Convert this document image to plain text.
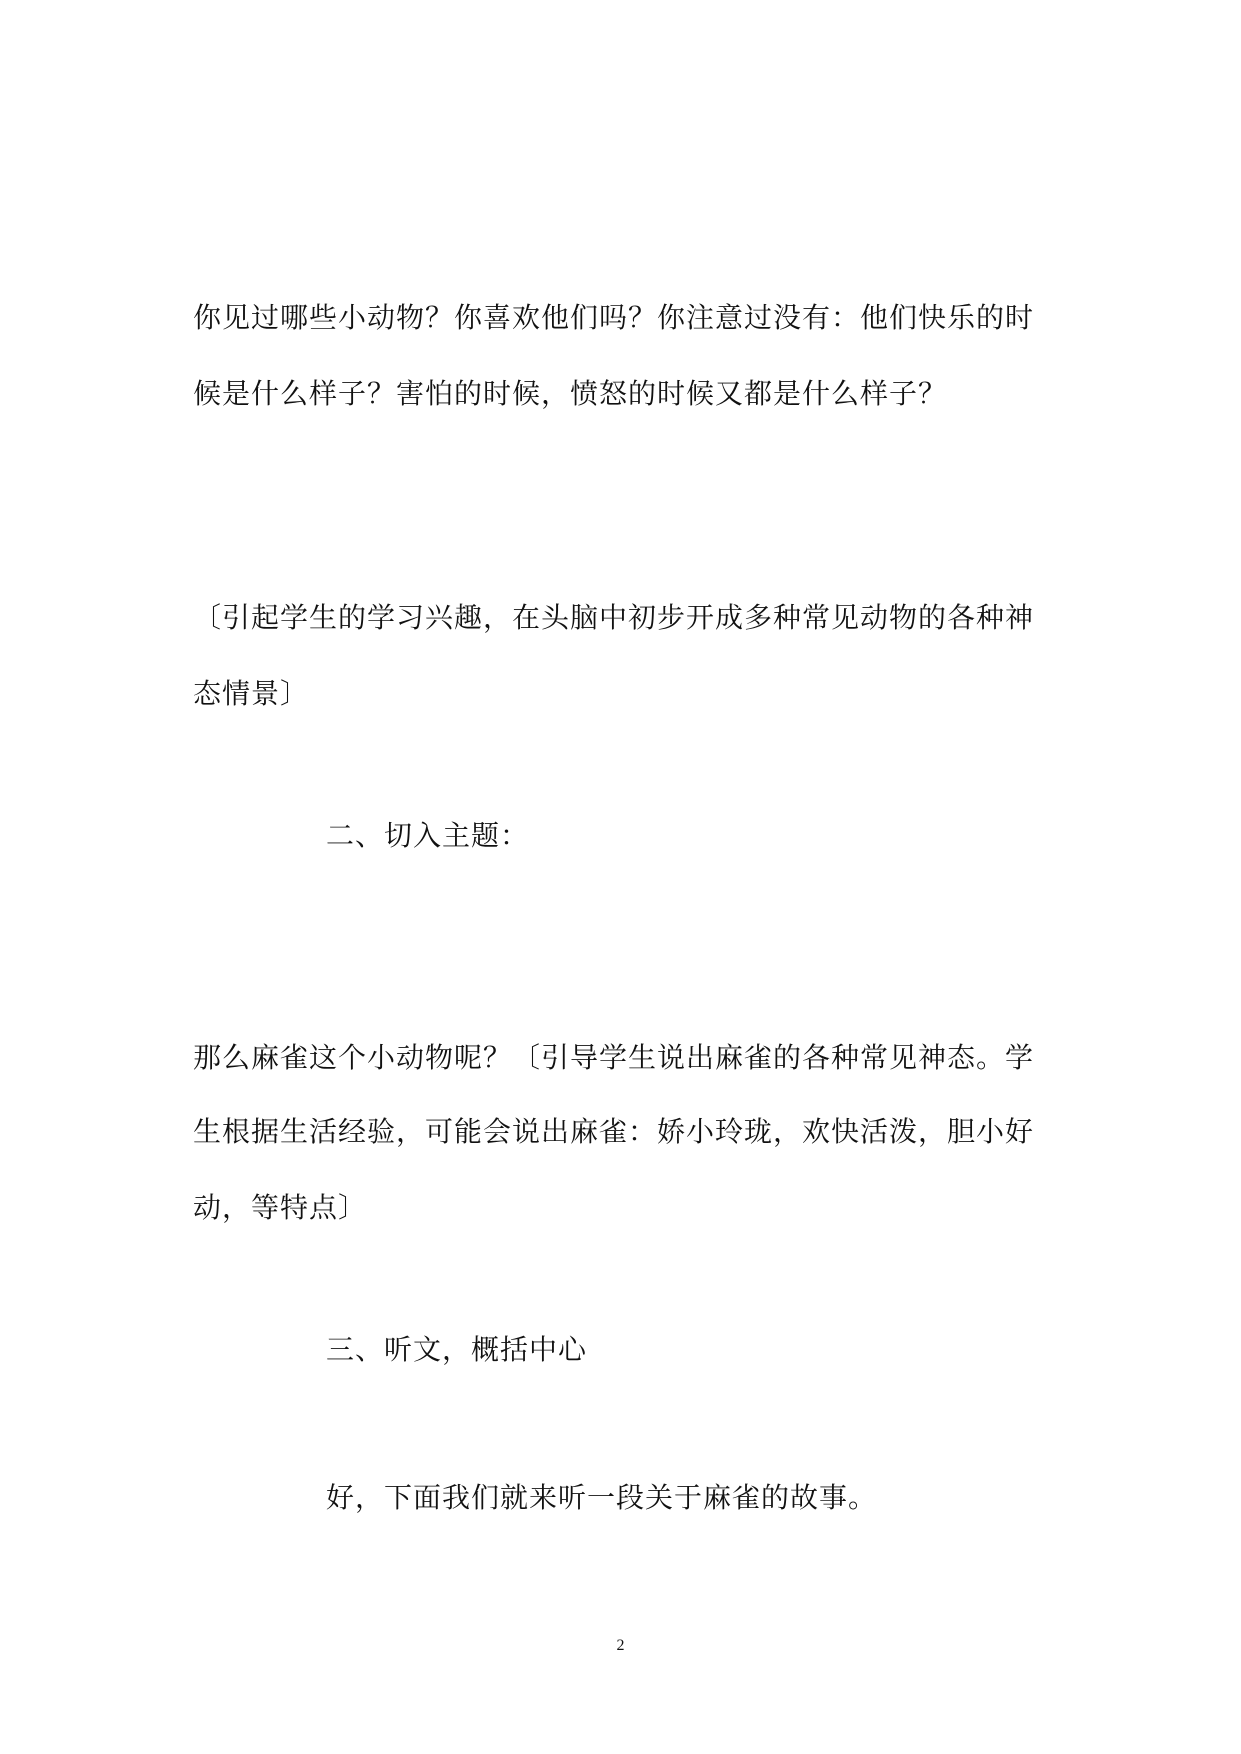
你见过哪些小动物？你喜欢他们吗？你注意过没有：他们快乐的时
候是什么样子？害怕的时候，愤怒的时候又都是什么样子？
〔引起学生的学习兴趣，在头脑中初步开成多种常见动物的各种神
态情景〕
二、切入主题：
那么麻雀这个小动物呢？〔引导学生说出麻雀的各种常见神态。学
生根据生活经验，可能会说出麻雀：娇小玲珑，欢快活泼，胆小好
动，等特点〕
三、听文，概括中心
好，下面我们就来听一段关于麻雀的故事。
2
